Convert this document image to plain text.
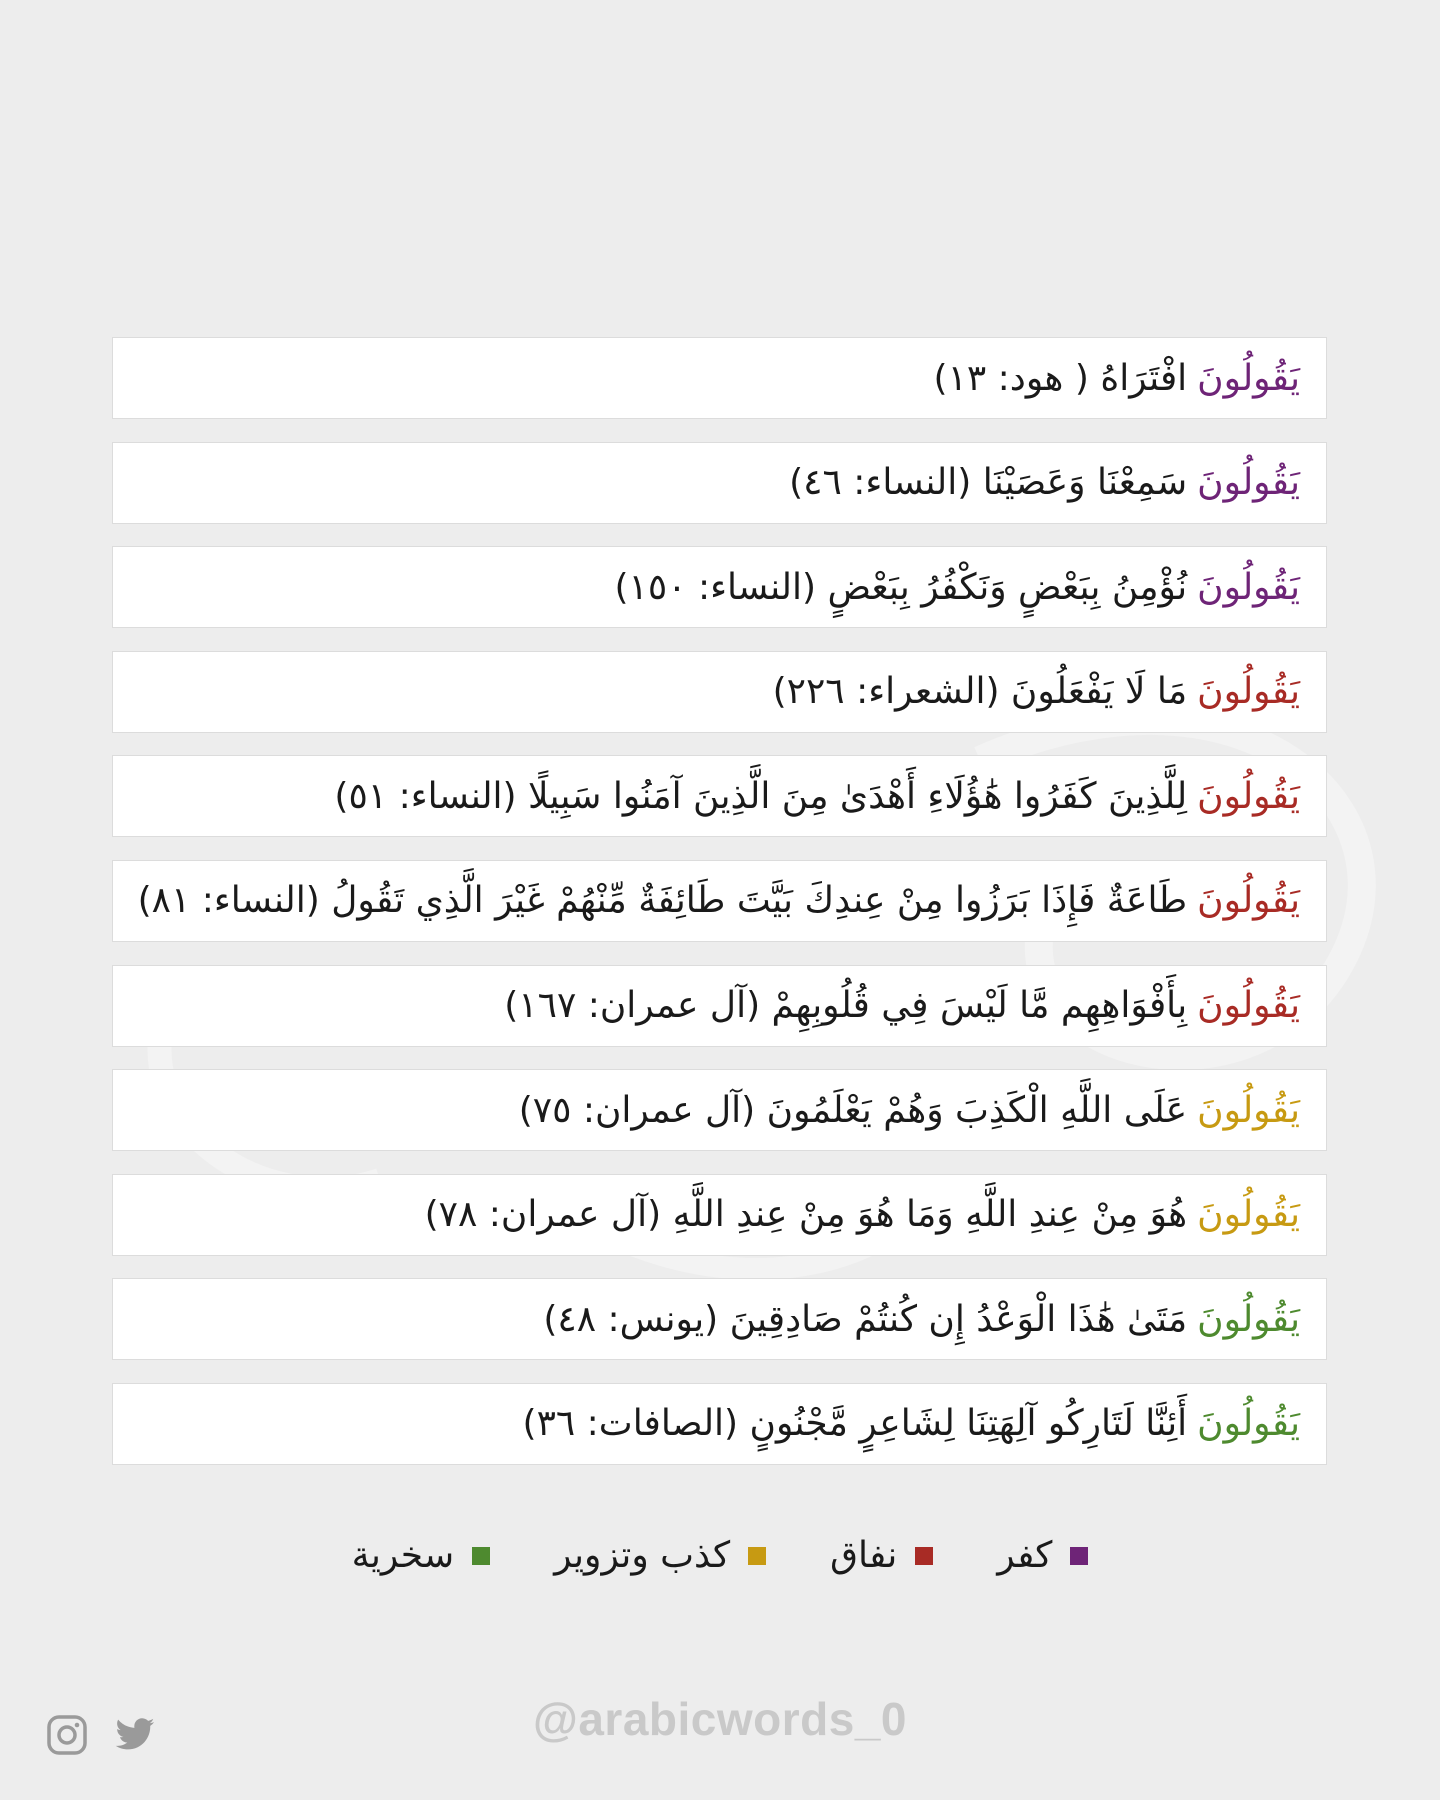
يَقُولُونَ
افْتَرَاهُ ( هود: ١٣)
يَقُولُونَ
سَمِعْنَا وَعَصَيْنَا (النساء: ٤٦)
يَقُولُونَ
نُؤْمِنُ بِبَعْضٍ وَنَكْفُرُ بِبَعْضٍ (النساء: ١٥٠)
يَقُولُونَ
مَا لَا يَفْعَلُونَ (الشعراء: ٢٢٦)
يَقُولُونَ
لِلَّذِينَ كَفَرُوا هَٰؤُلَاءِ أَهْدَىٰ مِنَ الَّذِينَ آمَنُوا سَبِيلًا (النساء: ٥١)
يَقُولُونَ
طَاعَةٌ فَإِذَا بَرَزُوا مِنْ عِندِكَ بَيَّتَ طَائِفَةٌ مِّنْهُمْ غَيْرَ الَّذِي تَقُولُ (النساء: ٨١)
يَقُولُونَ
بِأَفْوَاهِهِم مَّا لَيْسَ فِي قُلُوبِهِمْ (آل عمران: ١٦٧)
يَقُولُونَ
عَلَى اللَّهِ الْكَذِبَ وَهُمْ يَعْلَمُونَ (آل عمران: ٧٥)
يَقُولُونَ
هُوَ مِنْ عِندِ اللَّهِ وَمَا هُوَ مِنْ عِندِ اللَّهِ (آل عمران: ٧٨)
يَقُولُونَ
مَتَىٰ هَٰذَا الْوَعْدُ إِن كُنتُمْ صَادِقِينَ (يونس: ٤٨)
يَقُولُونَ
أَئِنَّا لَتَارِكُو آلِهَتِنَا لِشَاعِرٍ مَّجْنُونٍ (الصافات: ٣٦)
كفر
نفاق
كذب وتزوير
سخرية
@arabicwords_0
